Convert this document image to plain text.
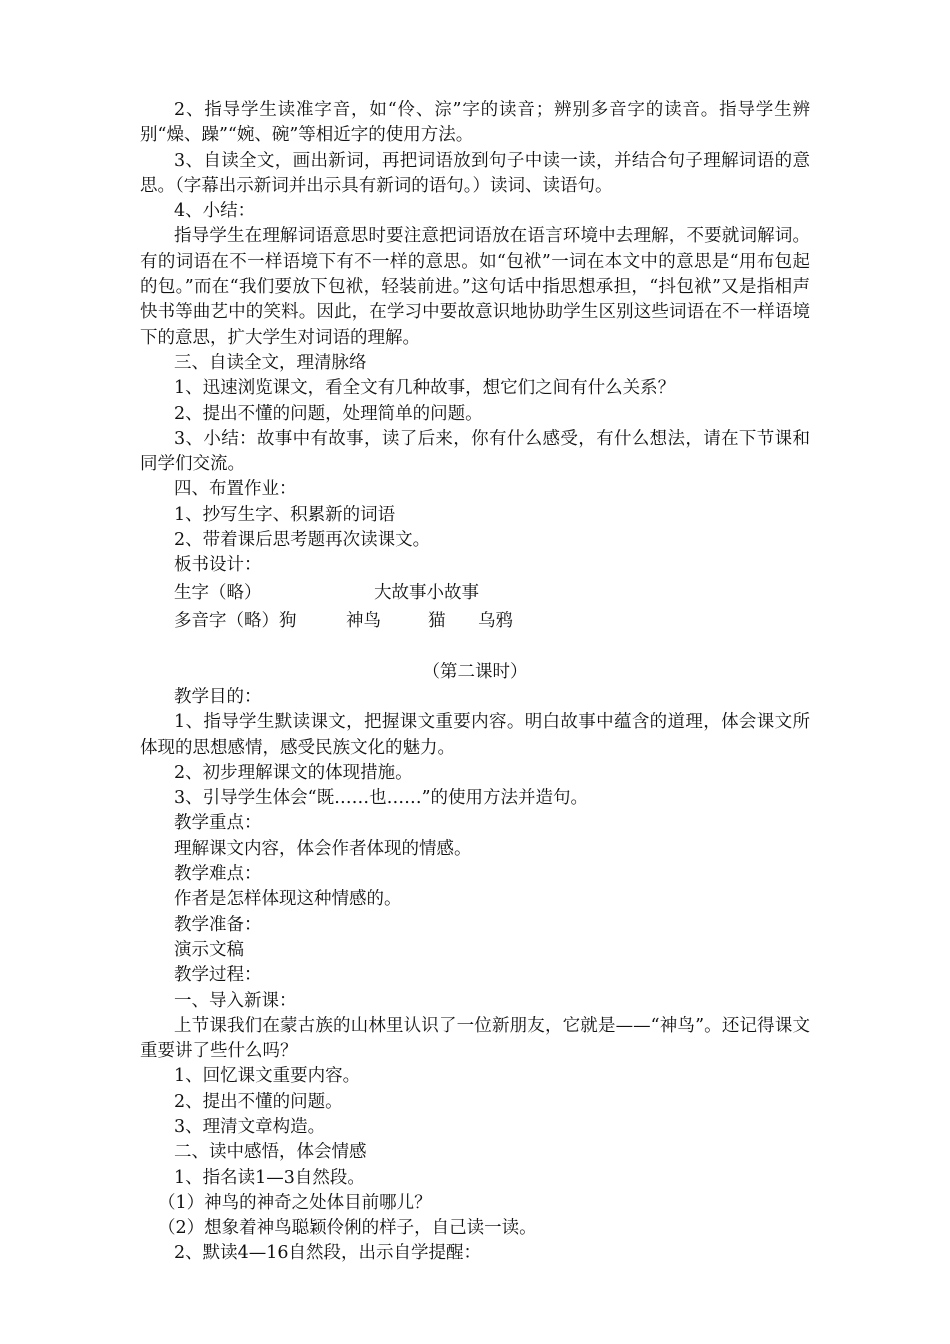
2、指导学生读准字音，如“伶、淙”字的读音；辨别多音字的读音。指导学生辨别“燥、躁”“婉、碗”等相近字的使用方法。

3、自读全文，画出新词，再把词语放到句子中读一读，并结合句子理解词语的意思。（字幕出示新词并出示具有新词的语句。）读词、读语句。

4、小结：

指导学生在理解词语意思时要注意把词语放在语言环境中去理解，不要就词解词。有的词语在不一样语境下有不一样的意思。如“包袱”一词在本文中的意思是“用布包起的包。”而在“我们要放下包袱，轻装前进。”这句话中指思想承担，“抖包袱”又是指相声快书等曲艺中的笑料。因此，在学习中要故意识地协助学生区别这些词语在不一样语境下的意思，扩大学生对词语的理解。

三、自读全文，理清脉络

1、迅速浏览课文，看全文有几种故事，想它们之间有什么关系？

2、提出不懂的问题，处理简单的问题。

3、小结：故事中有故事，读了后来，你有什么感受，有什么想法，请在下节课和同学们交流。

四、布置作业：

1、抄写生字、积累新的词语

2、带着课后思考题再次读课文。

板书设计：

生字（略）	大故事小故事
多音字（略）狗	神鸟	猫 乌鸦

（第二课时）

教学目的：

1、指导学生默读课文，把握课文重要内容。明白故事中蕴含的道理，体会课文所体现的思想感情，感受民族文化的魅力。

2、初步理解课文的体现措施。

3、引导学生体会“既……也……”的使用方法并造句。

教学重点：

理解课文内容，体会作者体现的情感。

教学难点：

作者是怎样体现这种情感的。

教学准备：

演示文稿

教学过程：

一、导入新课：

上节课我们在蒙古族的山林里认识了一位新朋友，它就是——“神鸟”。还记得课文重要讲了些什么吗？

1、回忆课文重要内容。

2、提出不懂的问题。

3、理清文章构造。

二、读中感悟，体会情感

1、指名读1—3自然段。

（1）神鸟的神奇之处体目前哪儿？

（2）想象着神鸟聪颖伶俐的样子，自己读一读。

2、默读4—16自然段，出示自学提醒：
